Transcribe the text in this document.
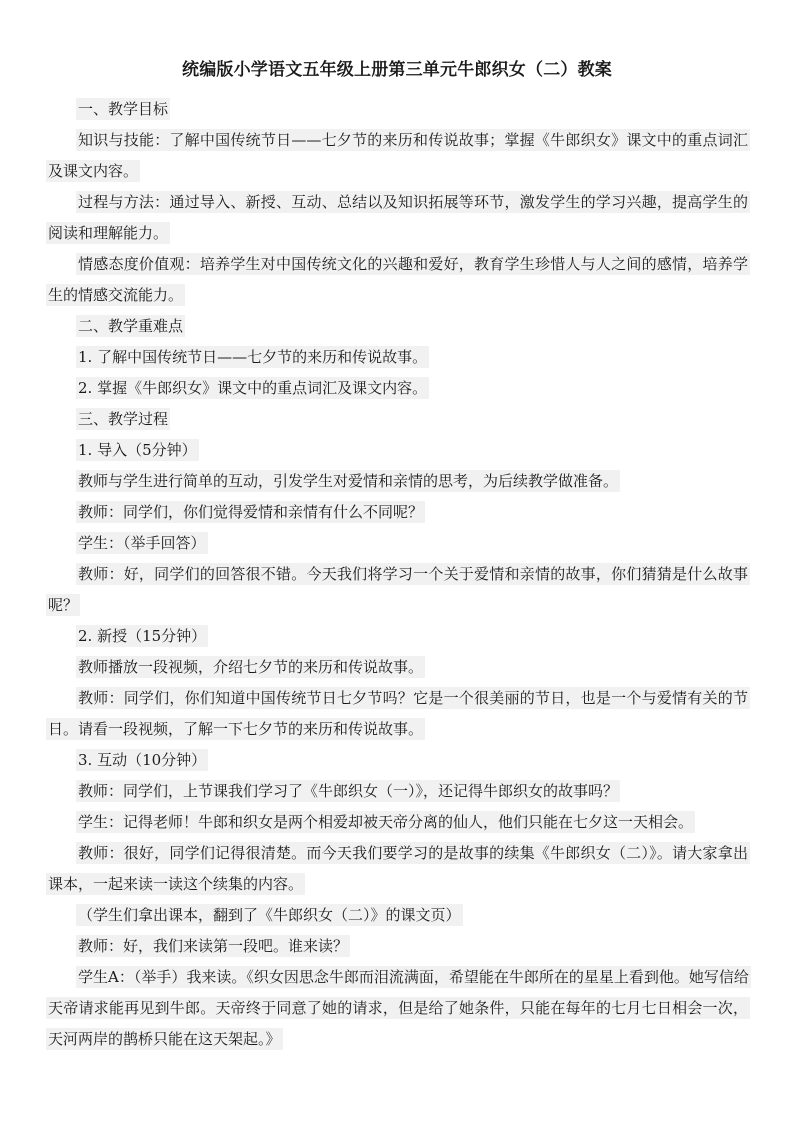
统编版小学语文五年级上册第三单元牛郎织女（二）教案

一、教学目标

知识与技能：了解中国传统节日——七夕节的来历和传说故事；掌握《牛郎织女》课文中的重点词汇及课文内容。

过程与方法：通过导入、新授、互动、总结以及知识拓展等环节，激发学生的学习兴趣，提高学生的阅读和理解能力。

情感态度价值观：培养学生对中国传统文化的兴趣和爱好，教育学生珍惜人与人之间的感情，培养学生的情感交流能力。

二、教学重难点

1. 了解中国传统节日——七夕节的来历和传说故事。

2. 掌握《牛郎织女》课文中的重点词汇及课文内容。

三、教学过程

1. 导入（5分钟）

教师与学生进行简单的互动，引发学生对爱情和亲情的思考，为后续教学做准备。

教师：同学们，你们觉得爱情和亲情有什么不同呢？

学生：（举手回答）

教师：好，同学们的回答很不错。今天我们将学习一个关于爱情和亲情的故事，你们猜猜是什么故事呢？

2. 新授（15分钟）

教师播放一段视频，介绍七夕节的来历和传说故事。

教师：同学们，你们知道中国传统节日七夕节吗？它是一个很美丽的节日，也是一个与爱情有关的节日。请看一段视频，了解一下七夕节的来历和传说故事。

3. 互动（10分钟）

教师：同学们，上节课我们学习了《牛郎织女（一）》，还记得牛郎织女的故事吗？

学生：记得老师！牛郎和织女是两个相爱却被天帝分离的仙人，他们只能在七夕这一天相会。

教师：很好，同学们记得很清楚。而今天我们要学习的是故事的续集《牛郎织女（二）》。请大家拿出课本，一起来读一读这个续集的内容。

（学生们拿出课本，翻到了《牛郎织女（二）》的课文页）

教师：好，我们来读第一段吧。谁来读？

学生A：（举手）我来读。《织女因思念牛郎而泪流满面，希望能在牛郎所在的星星上看到他。她写信给天帝请求能再见到牛郎。天帝终于同意了她的请求，但是给了她条件，只能在每年的七月七日相会一次，天河两岸的鹊桥只能在这天架起。》
